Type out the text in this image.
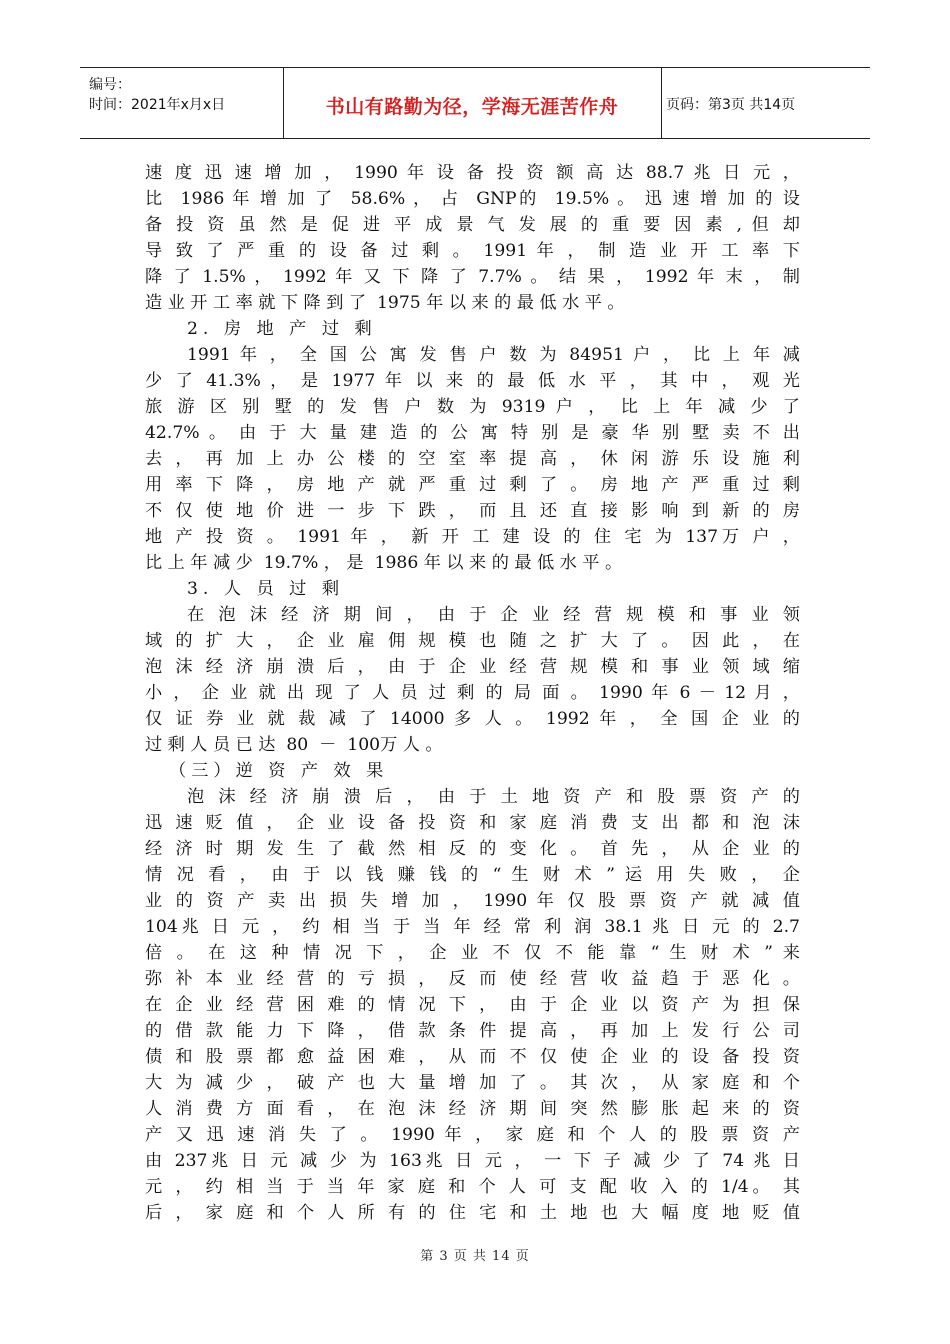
编号：
时间：2021年x月x日	书山有路勤为径，学海无涯苦作舟	页码：第3页 共14页
速 度 迅 速 增 加 ， 1990 年 设 备 投 资 额 高 达 88.7 兆 日 元 ，
比  1986 年 增 加 了  58.6% ， 占  GNP的  19.5% 。 迅 速 增 加 的 设
备 投 资 虽 然 是 促 进 平 成 景 气 发 展 的 重 要 因 素 , 但 却
导 致 了 严 重 的 设 备 过 剩 。 1991 年 ， 制 造 业 开 工 率 下
降 了 1.5% ， 1992 年 又 下 降 了 7.7% 。 结 果 ， 1992 年 末 ， 制
造 业 开 工 率 就 下 降 到 了  1975 年 以 来 的 最 低 水 平 。
2. 房 地 产 过 剩
1991 年 ， 全 国 公 寓 发 售 户 数 为 84951 户 ， 比 上 年 减
少 了 41.3% ， 是 1977 年 以 来 的 最 低 水 平 ， 其 中 ， 观 光
旅 游 区 别 墅 的 发 售 户 数 为 9319 户 ， 比 上 年 减 少 了
42.7% 。 由 于 大 量 建 造 的 公 寓 特 别 是 豪 华 别 墅 卖 不 出
去 ， 再 加 上 办 公 楼 的 空 室 率 提 高 ， 休 闲 游 乐 设 施 利
用 率 下 降 ， 房 地 产 就 严 重 过 剩 了 。 房 地 产 严 重 过 剩
不 仅 使 地 价 进 一 步 下 跌 ， 而 且 还 直 接 影 响 到 新 的 房
地 产 投 资 。 1991 年 ， 新 开 工 建 设 的 住 宅 为 137万 户 ，
比 上 年 减 少  19.7% ， 是  1986 年 以 来 的 最 低 水 平 。
3. 人 员 过 剩
在 泡 沫 经 济 期 间 ， 由 于 企 业 经 营 规 模 和 事 业 领
域 的 扩 大 ， 企 业 雇 佣 规 模 也 随 之 扩 大 了 。 因 此 ， 在
泡 沫 经 济 崩 溃 后 ， 由 于 企 业 经 营 规 模 和 事 业 领 域 缩
小 ， 企 业 就 出 现 了 人 员 过 剩 的 局 面 。 1990 年 6 － 12 月 ，
仅 证 券 业 就 裁 减 了 14000 多 人 。 1992 年 ， 全 国 企 业 的
过 剩 人 员 已 达  80  －  100万 人 。
（三）逆 资 产 效 果
泡 沫 经 济 崩 溃 后 ， 由 于 土 地 资 产 和 股 票 资 产 的
迅 速 贬 值 ， 企 业 设 备 投 资 和 家 庭 消 费 支 出 都 和 泡 沫
经 济 时 期 发 生 了 截 然 相 反 的 变 化 。 首 先 ， 从 企 业 的
情 况 看 ， 由 于 以 钱 赚 钱 的 “ 生 财 术 ” 运 用 失 败 ， 企
业 的 资 产 卖 出 损 失 增 加 ， 1990 年 仅 股 票 资 产 就 减 值
104兆 日 元 ， 约 相 当 于 当 年 经 常 利 润 38.1 兆 日 元 的 2.7
倍 。 在 这 种 情 况 下 ， 企 业 不 仅 不 能 靠 “ 生 财 术 ” 来
弥 补 本 业 经 营 的 亏 损 ， 反 而 使 经 营 收 益 趋 于 恶 化 。
在 企 业 经 营 困 难 的 情 况 下 ， 由 于 企 业 以 资 产 为 担 保
的 借 款 能 力 下 降 ， 借 款 条 件 提 高 ， 再 加 上 发 行 公 司
债 和 股 票 都 愈 益 困 难 ， 从 而 不 仅 使 企 业 的 设 备 投 资
大 为 减 少 ， 破 产 也 大 量 增 加 了 。 其 次 ， 从 家 庭 和 个
人 消 费 方 面 看 ， 在 泡 沫 经 济 期 间 突 然 膨 胀 起 来 的 资
产 又 迅 速 消 失 了 。 1990 年 ， 家 庭 和 个 人 的 股 票 资 产
由 237兆 日 元 减 少 为 163兆 日 元 ， 一 下 子 减 少 了 74 兆 日
元 ， 约 相 当 于 当 年 家 庭 和 个 人 可 支 配 收 入 的 1/4。 其
后 ， 家 庭 和 个 人 所 有 的 住 宅 和 土 地 也 大 幅 度 地 贬 值
第 3 页 共 14 页
